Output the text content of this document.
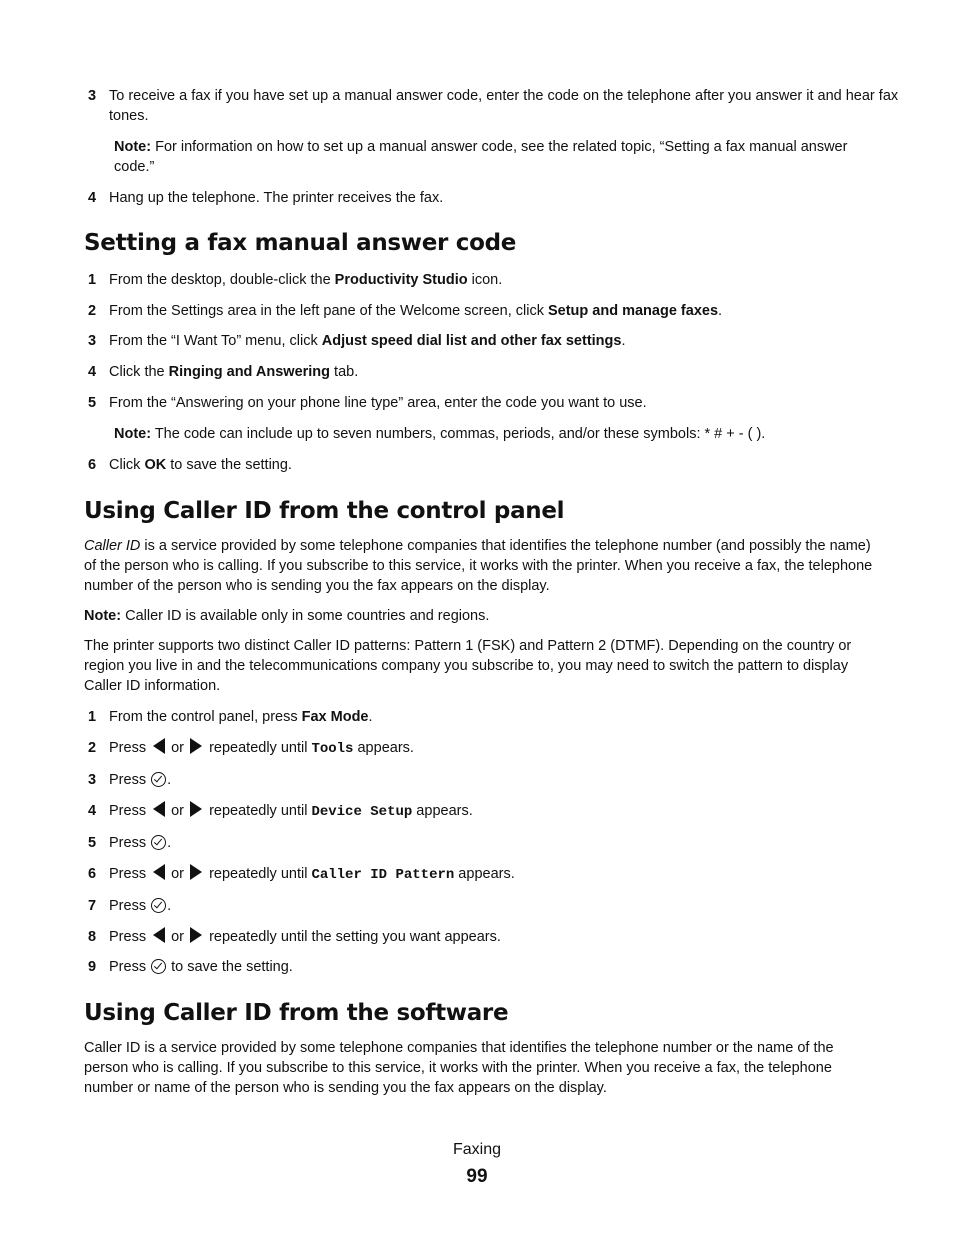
3 To receive a fax if you have set up a manual answer code, enter the code on the telephone after you answer it and hear fax tones.
Note: For information on how to set up a manual answer code, see the related topic, “Setting a fax manual answer code.”
4 Hang up the telephone. The printer receives the fax.
Setting a fax manual answer code
1 From the desktop, double-click the Productivity Studio icon.
2 From the Settings area in the left pane of the Welcome screen, click Setup and manage faxes.
3 From the “I Want To” menu, click Adjust speed dial list and other fax settings.
4 Click the Ringing and Answering tab.
5 From the “Answering on your phone line type” area, enter the code you want to use.
Note: The code can include up to seven numbers, commas, periods, and/or these symbols: * # + - ( ).
6 Click OK to save the setting.
Using Caller ID from the control panel

Caller ID is a service provided by some telephone companies that identifies the telephone number (and possibly the name) of the person who is calling. If you subscribe to this service, it works with the printer. When you receive a fax, the telephone number of the person who is sending you the fax appears on the display.

Note: Caller ID is available only in some countries and regions.

The printer supports two distinct Caller ID patterns: Pattern 1 (FSK) and Pattern 2 (DTMF). Depending on the country or region you live in and the telecommunications company you subscribe to, you may need to switch the pattern to display Caller ID information.

1 From the control panel, press Fax Mode.
2 Press  or  repeatedly until Tools appears.
3 Press .
4 Press  or  repeatedly until Device Setup appears.
5 Press .
6 Press  or  repeatedly until Caller ID Pattern appears.
7 Press .
8 Press  or  repeatedly until the setting you want appears.
9 Press  to save the setting.
Using Caller ID from the software

Caller ID is a service provided by some telephone companies that identifies the telephone number or the name of the person who is calling. If you subscribe to this service, it works with the printer. When you receive a fax, the telephone number or name of the person who is sending you the fax appears on the display.

Faxing
99
